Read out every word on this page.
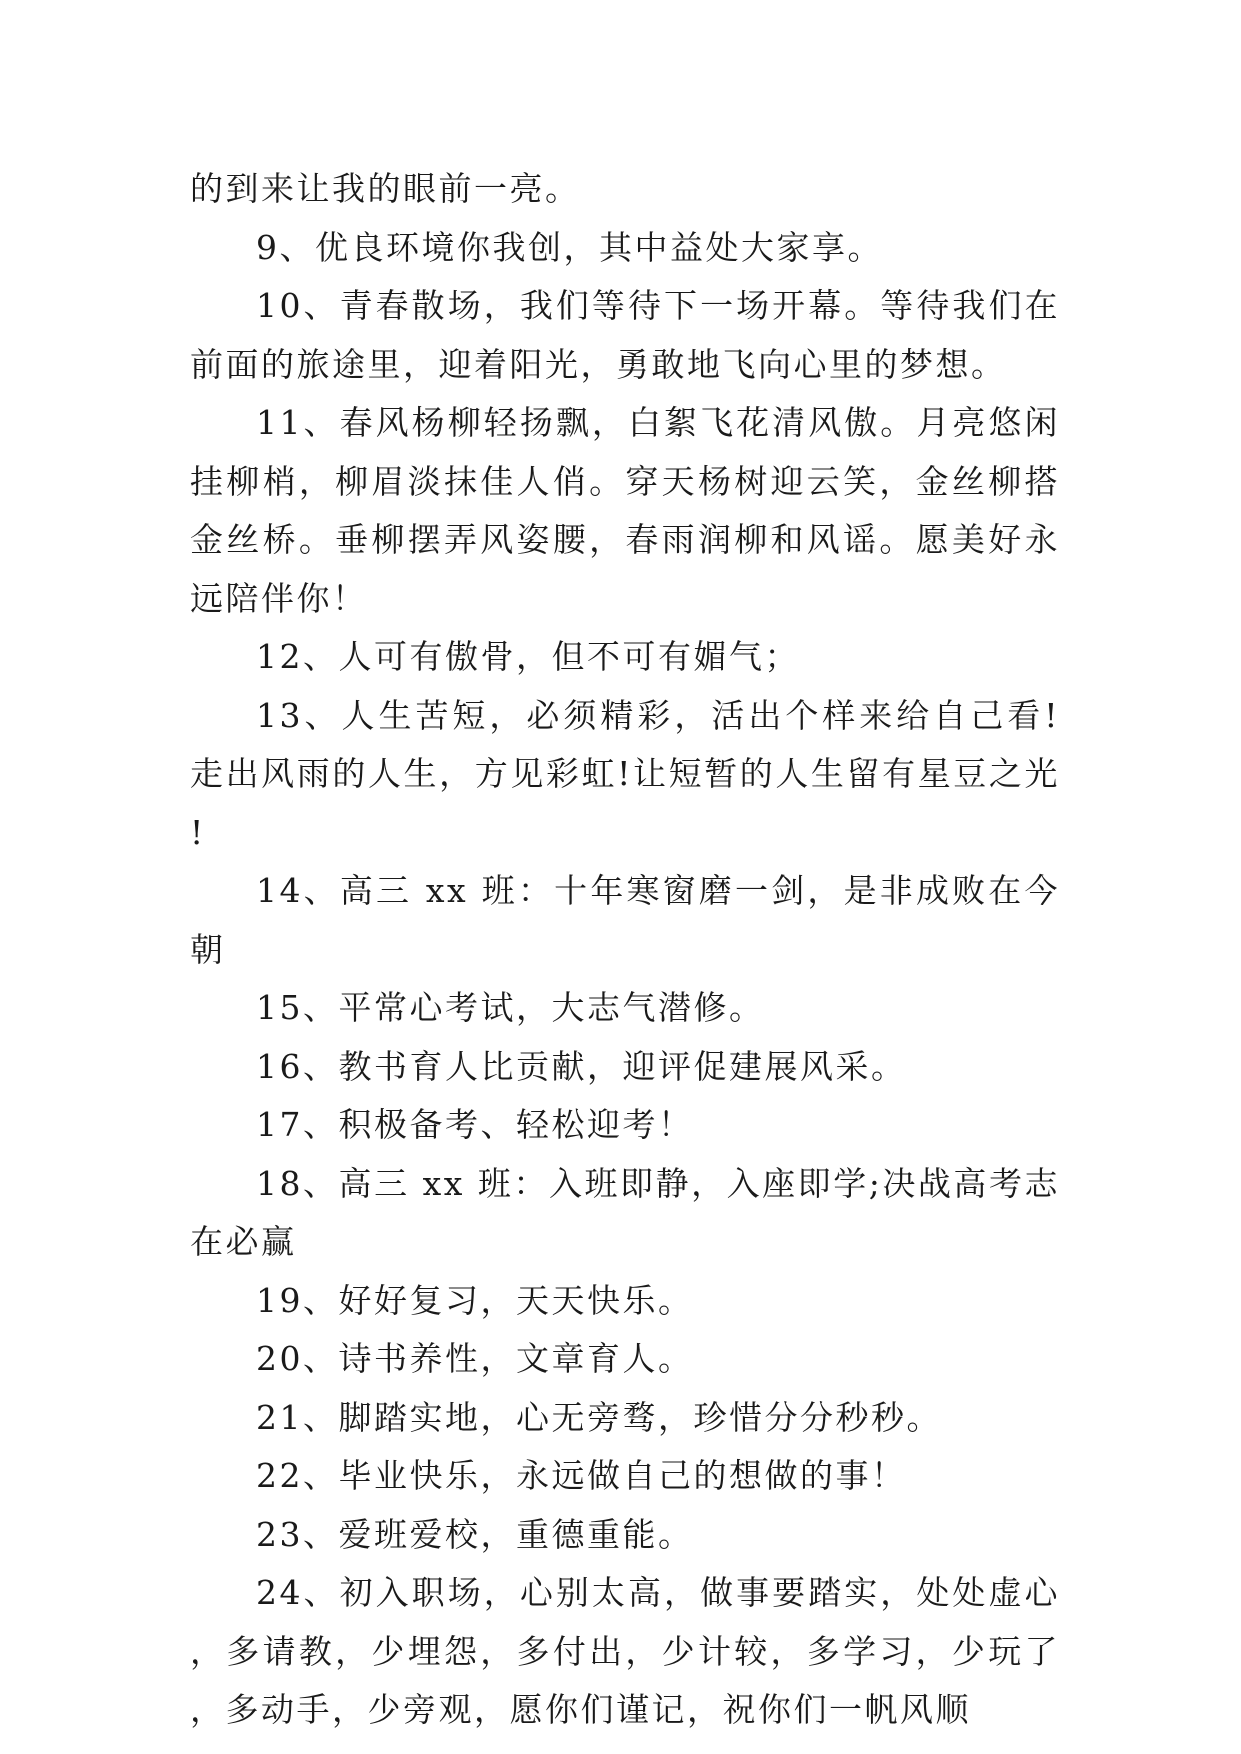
的到来让我的眼前一亮。

9、优良环境你我创，其中益处大家享。

10、青春散场，我们等待下一场开幕。等待我们在前面的旅途里，迎着阳光，勇敢地飞向心里的梦想。

11、春风杨柳轻扬飘，白絮飞花清风傲。月亮悠闲挂柳梢，柳眉淡抹佳人俏。穿天杨树迎云笑，金丝柳搭金丝桥。垂柳摆弄风姿腰，春雨润柳和风谣。愿美好永远陪伴你！

12、人可有傲骨，但不可有媚气；

13、人生苦短，必须精彩，活出个样来给自己看!走出风雨的人生，方见彩虹!让短暂的人生留有星豆之光!

14、高三 xx 班：十年寒窗磨一剑，是非成败在今朝

15、平常心考试，大志气潜修。

16、教书育人比贡献，迎评促建展风采。

17、积极备考、轻松迎考！

18、高三 xx 班：入班即静，入座即学;决战高考志在必赢

19、好好复习，天天快乐。

20、诗书养性，文章育人。

21、脚踏实地，心无旁骛，珍惜分分秒秒。

22、毕业快乐，永远做自己的想做的事！

23、爱班爱校，重德重能。

24、初入职场，心别太高，做事要踏实，处处虚心，多请教，少埋怨，多付出，少计较，多学习，少玩了，多动手，少旁观，愿你们谨记，祝你们一帆风顺
